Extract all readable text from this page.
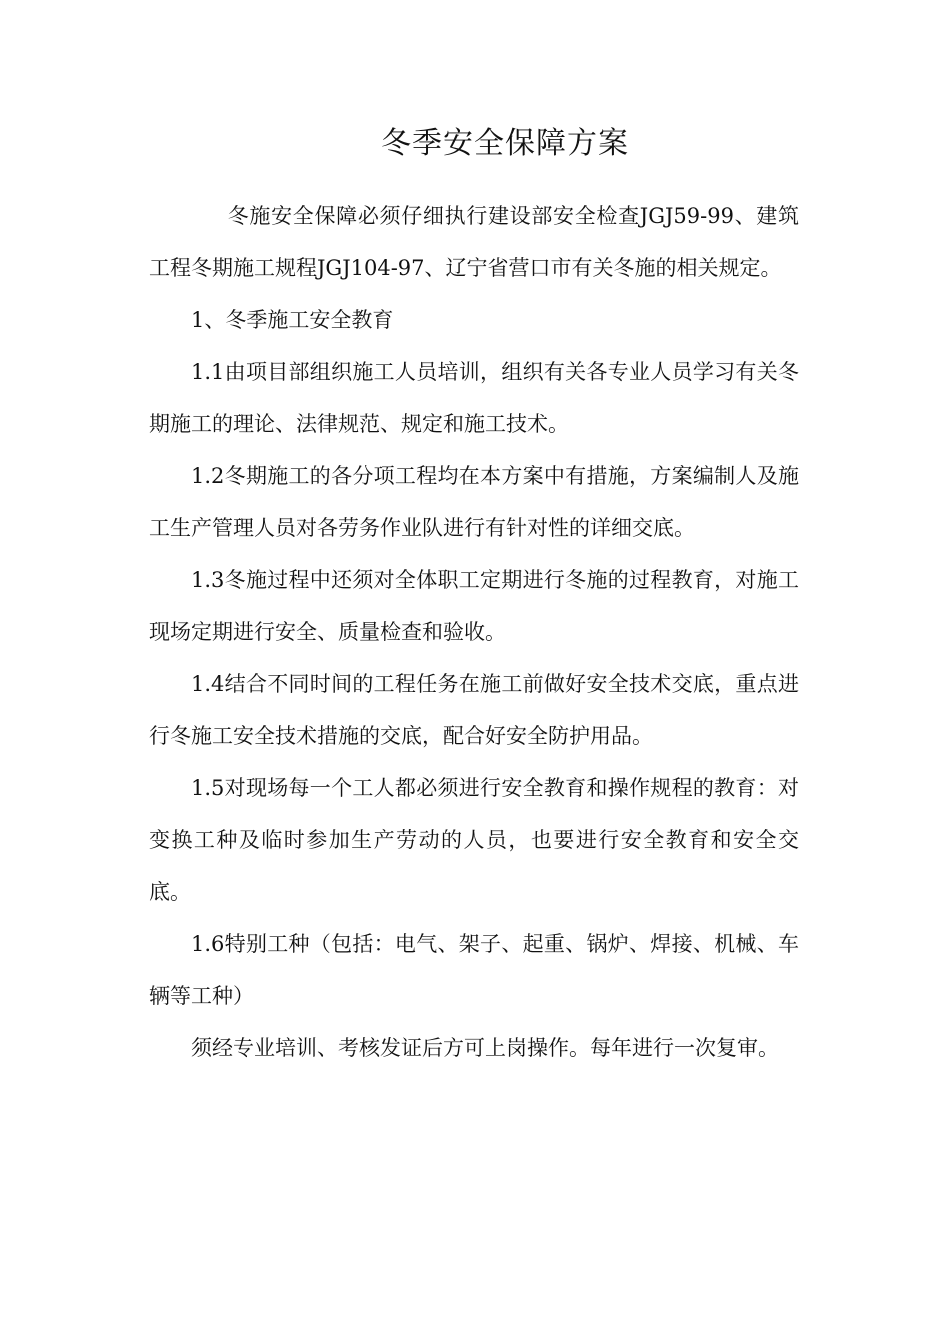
冬季安全保障方案

冬施安全保障必须仔细执行建设部安全检查JGJ59-99、建筑工程冬期施工规程JGJ104-97、辽宁省营口市有关冬施的相关规定。

1、冬季施工安全教育

1.1由项目部组织施工人员培训，组织有关各专业人员学习有关冬期施工的理论、法律规范、规定和施工技术。

1.2冬期施工的各分项工程均在本方案中有措施，方案编制人及施工生产管理人员对各劳务作业队进行有针对性的详细交底。

1.3冬施过程中还须对全体职工定期进行冬施的过程教育，对施工现场定期进行安全、质量检查和验收。

1.4结合不同时间的工程任务在施工前做好安全技术交底，重点进行冬施工安全技术措施的交底，配合好安全防护用品。

1.5对现场每一个工人都必须进行安全教育和操作规程的教育：对变换工种及临时参加生产劳动的人员，也要进行安全教育和安全交底。

1.6特别工种（包括：电气、架子、起重、锅炉、焊接、机械、车辆等工种）

须经专业培训、考核发证后方可上岗操作。每年进行一次复审。
